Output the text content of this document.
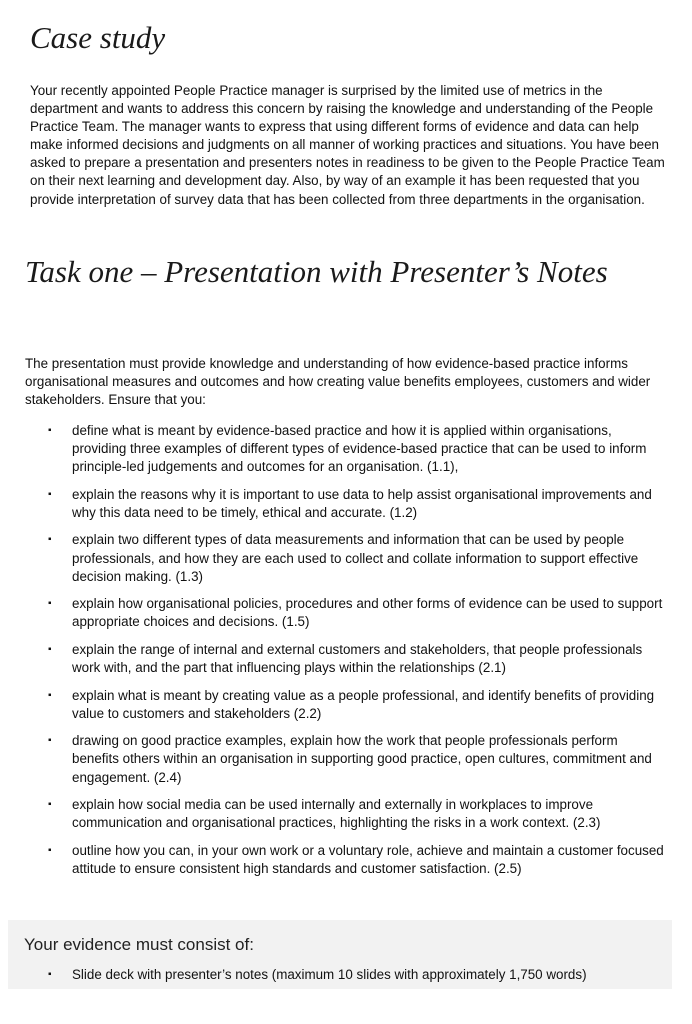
Case study

Your recently appointed People Practice manager is surprised by the limited use of metrics in the department and wants to address this concern by raising the knowledge and understanding of the People Practice Team. The manager wants to express that using different forms of evidence and data can help make informed decisions and judgments on all manner of working practices and situations. You have been asked to prepare a presentation and presenters notes in readiness to be given to the People Practice Team on their next learning and development day. Also, by way of an example it has been requested that you provide interpretation of survey data that has been collected from three departments in the organisation.

Task one – Presentation with Presenter’s Notes

The presentation must provide knowledge and understanding of how evidence-based practice informs organisational measures and outcomes and how creating value benefits employees, customers and wider stakeholders. Ensure that you:

▪ define what is meant by evidence-based practice and how it is applied within organisations, providing three examples of different types of evidence-based practice that can be used to inform principle-led judgements and outcomes for an organisation. (1.1),
▪ explain the reasons why it is important to use data to help assist organisational improvements and why this data need to be timely, ethical and accurate. (1.2)
▪ explain two different types of data measurements and information that can be used by people professionals, and how they are each used to collect and collate information to support effective decision making. (1.3)
▪ explain how organisational policies, procedures and other forms of evidence can be used to support appropriate choices and decisions. (1.5)
▪ explain the range of internal and external customers and stakeholders, that people professionals work with, and the part that influencing plays within the relationships (2.1)
▪ explain what is meant by creating value as a people professional, and identify benefits of providing value to customers and stakeholders (2.2)
▪ drawing on good practice examples, explain how the work that people professionals perform benefits others within an organisation in supporting good practice, open cultures, commitment and engagement. (2.4)
▪ explain how social media can be used internally and externally in workplaces to improve communication and organisational practices, highlighting the risks in a work context. (2.3)
▪ outline how you can, in your own work or a voluntary role, achieve and maintain a customer focused attitude to ensure consistent high standards and customer satisfaction. (2.5)
Your evidence must consist of:
▪ Slide deck with presenter’s notes (maximum 10 slides with approximately 1,750 words)
